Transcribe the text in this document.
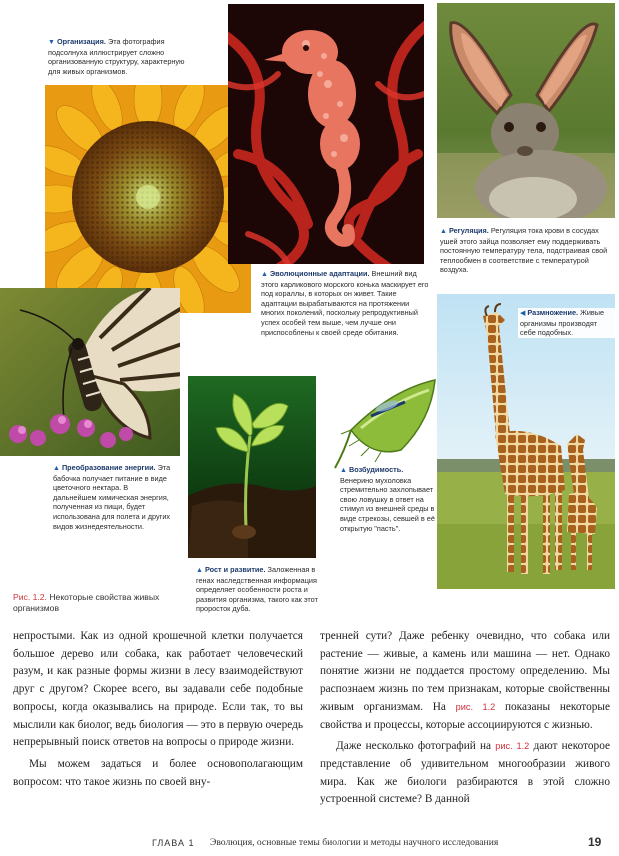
▼ Организация. Эта фотография подсолнуха иллюстрирует сложно организованную структуру, характерную для живых организмов.
▲ Эволюционные адаптации. Внешний вид этого карликового морского конька маскирует его под кораллы, в которых он живет. Такие адаптации вырабатываются на протяжении многих поколений, поскольку репродуктивный успех особей тем выше, чем лучше они приспособлены к своей среде обитания.
▲ Регуляция. Регуляция тока крови в сосудах ушей этого зайца позволяет ему поддерживать постоянную температуру тела, подстраивая свой теплообмен в соответствие с температурой воздуха.
◀ Размножение. Живые организмы производят себе подобных.
▲ Преобразование энергии. Эта бабочка получает питание в виде цветочного нектара. В дальнейшем химическая энергия, полученная из пищи, будет использована для полета и других видов жизнедеятельности.
▲ Рост и развитие. Заложенная в генах наследственная информация определяет особенности роста и развития организма, такого как этот проросток дуба.
▲ Возбудимость. Венерино мухоловка стремительно захлопывает свою ловушку в ответ на стимул из внешней среды в виде стрекозы, севшей в её открытую "пасть".
Рис. 1.2. Некоторые свойства живых организмов

непростыми. Как из одной крошечной клетки получается большое дерево или собака, как работает человеческий разум, и как разные формы жизни в лесу взаимодействуют друг с другом? Скорее всего, вы задавали себе подобные вопросы, когда оказывались на природе. Если так, то вы мыслили как биолог, ведь биология — это в первую очередь непрерывный поиск ответов на вопросы о природе жизни.

Мы можем задаться и более основополагающим вопросом: что такое жизнь по своей вну-

тренней сути? Даже ребенку очевидно, что собака или растение — живые, а камень или машина — нет. Однако понятие жизни не поддается простому определению. Мы распознаем жизнь по тем признакам, которые свойственны живым организмам. На рис. 1.2 показаны некоторые свойства и процессы, которые ассоциируются с жизнью.

Даже несколько фотографий на рис. 1.2 дают некоторое представление об удивительном многообразии живого мира. Как же биологи разбираются в этой сложно устроенной системе? В данной

ГЛАВА 1 Эволюция, основные темы биологии и методы научного исследования	19
